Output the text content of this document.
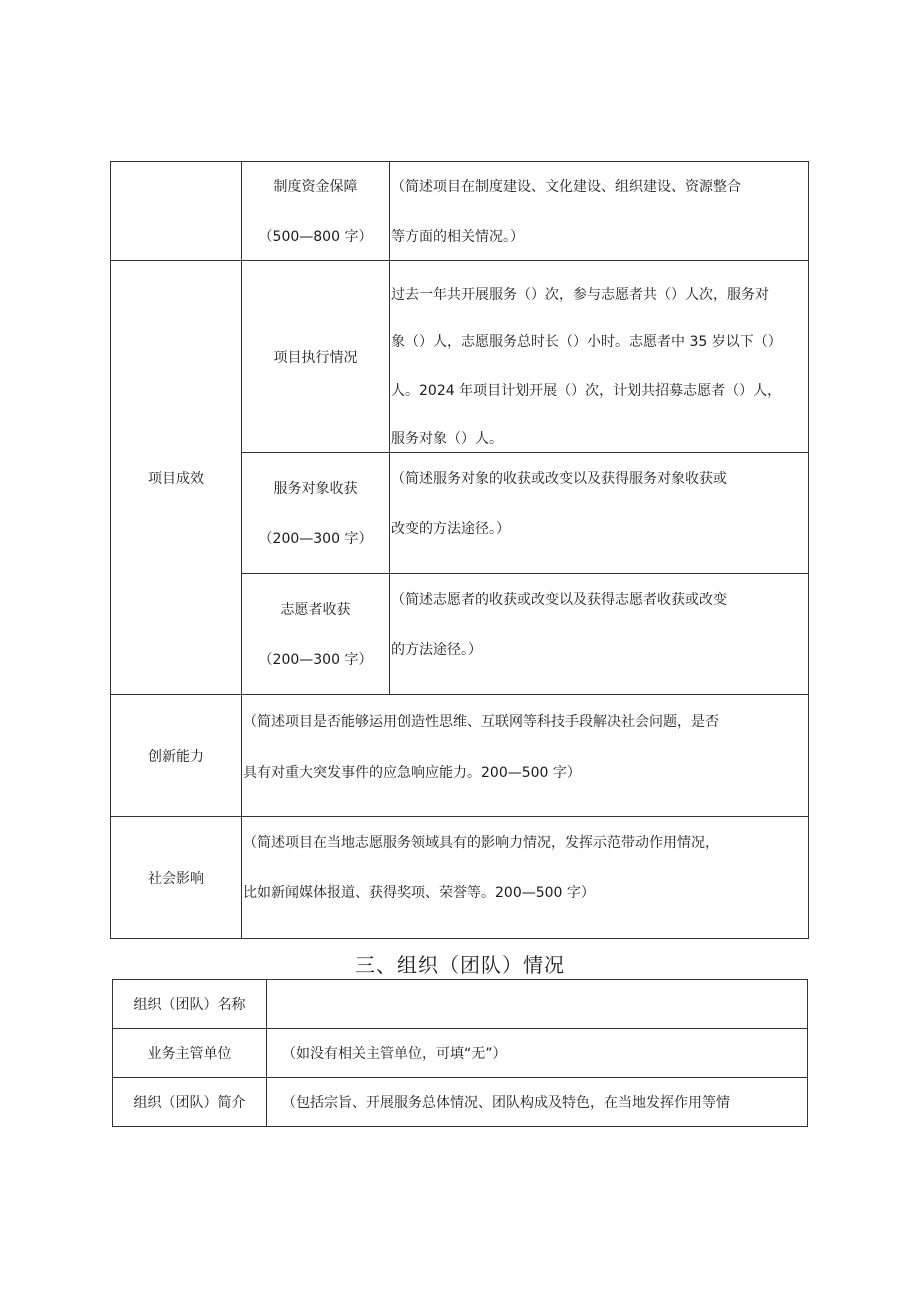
制度资金保障
（500—800 字）
（简述项目在制度建设、文化建设、组织建设、资源整合
等方面的相关情况。）
项目成效
项目执行情况
过去一年共开展服务（）次，参与志愿者共（）人次，服务对
象（）人，志愿服务总时长（）小时。志愿者中 35 岁以下（）
人。2024 年项目计划开展（）次，计划共招募志愿者（）人，
服务对象（）人。
服务对象收获
（200—300 字）
（简述服务对象的收获或改变以及获得服务对象收获或
改变的方法途径。）
志愿者收获
（200—300 字）
（简述志愿者的收获或改变以及获得志愿者收获或改变
的方法途径。）
创新能力
（简述项目是否能够运用创造性思维、互联网等科技手段解决社会问题，是否
具有对重大突发事件的应急响应能力。200—500 字）
社会影响
（简述项目在当地志愿服务领域具有的影响力情况，发挥示范带动作用情况，
比如新闻媒体报道、获得奖项、荣誉等。200—500 字）
三、组织（团队）情况
组织（团队）名称
业务主管单位	（如没有相关主管单位，可填“无”）
组织（团队）简介	（包括宗旨、开展服务总体情况、团队构成及特色，在当地发挥作用等情
